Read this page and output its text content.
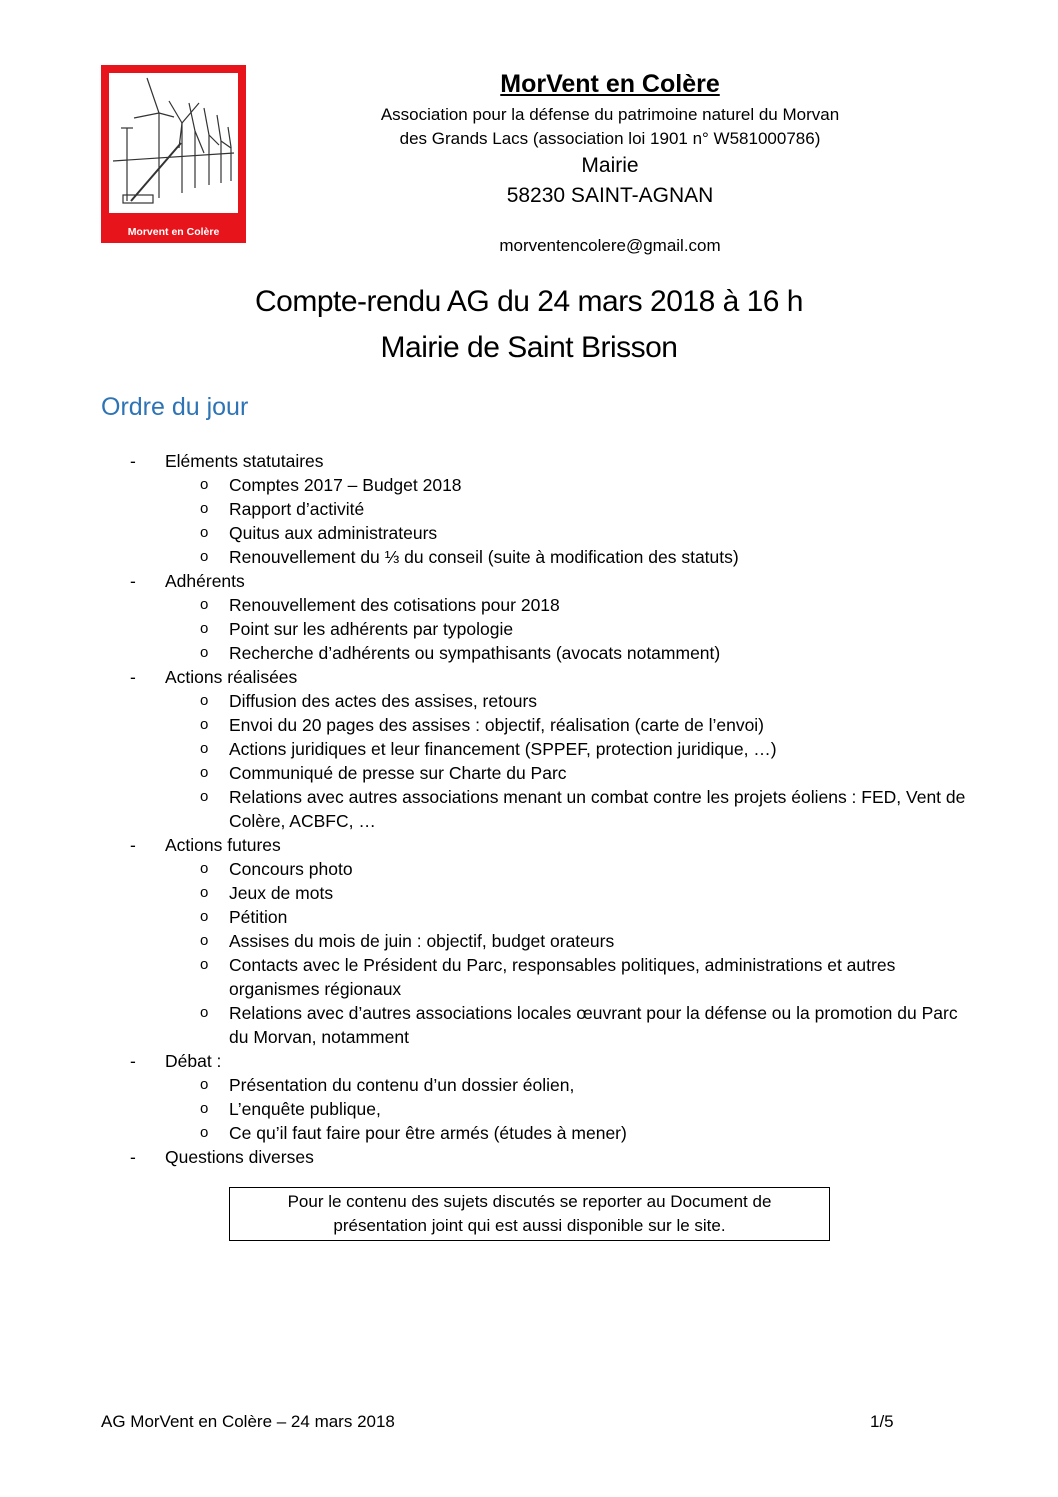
Morvent en Colère
MorVent en Colère
Association pour la défense du patrimoine naturel du Morvan
des Grands Lacs (association loi 1901 n° W581000786)
Mairie
58230 SAINT-AGNAN
morventencolere@gmail.com
Compte-rendu AG du 24 mars 2018 à 16 h
Mairie de Saint Brisson
Ordre du jour
- Eléments statutaires
o Comptes 2017 – Budget 2018
o Rapport d’activité
o Quitus aux administrateurs
o Renouvellement du ⅓ du conseil (suite à modification des statuts)
- Adhérents
o Renouvellement des cotisations pour 2018
o Point sur les adhérents par typologie
o Recherche d’adhérents ou sympathisants (avocats notamment)
- Actions réalisées
o Diffusion des actes des assises, retours
o Envoi du 20 pages des assises : objectif, réalisation (carte de l’envoi)
o Actions juridiques et leur financement (SPPEF, protection juridique, …)
o Communiqué de presse sur Charte du Parc
o Relations avec autres associations menant un combat contre les projets éoliens : FED, Vent de Colère, ACBFC, …
- Actions futures
o Concours photo
o Jeux de mots
o Pétition
o Assises du mois de juin : objectif, budget orateurs
o Contacts avec le Président du Parc, responsables politiques, administrations et autres organismes régionaux
o Relations avec d’autres associations locales œuvrant pour la défense ou la promotion du Parc du Morvan, notamment
- Débat :
o Présentation du contenu d’un dossier éolien,
o L’enquête publique,
o Ce qu’il faut faire pour être armés (études à mener)
- Questions diverses
Pour le contenu des sujets discutés se reporter au Document de
présentation joint qui est aussi disponible sur le site.
AG MorVent en Colère – 24 mars 2018	1/5
